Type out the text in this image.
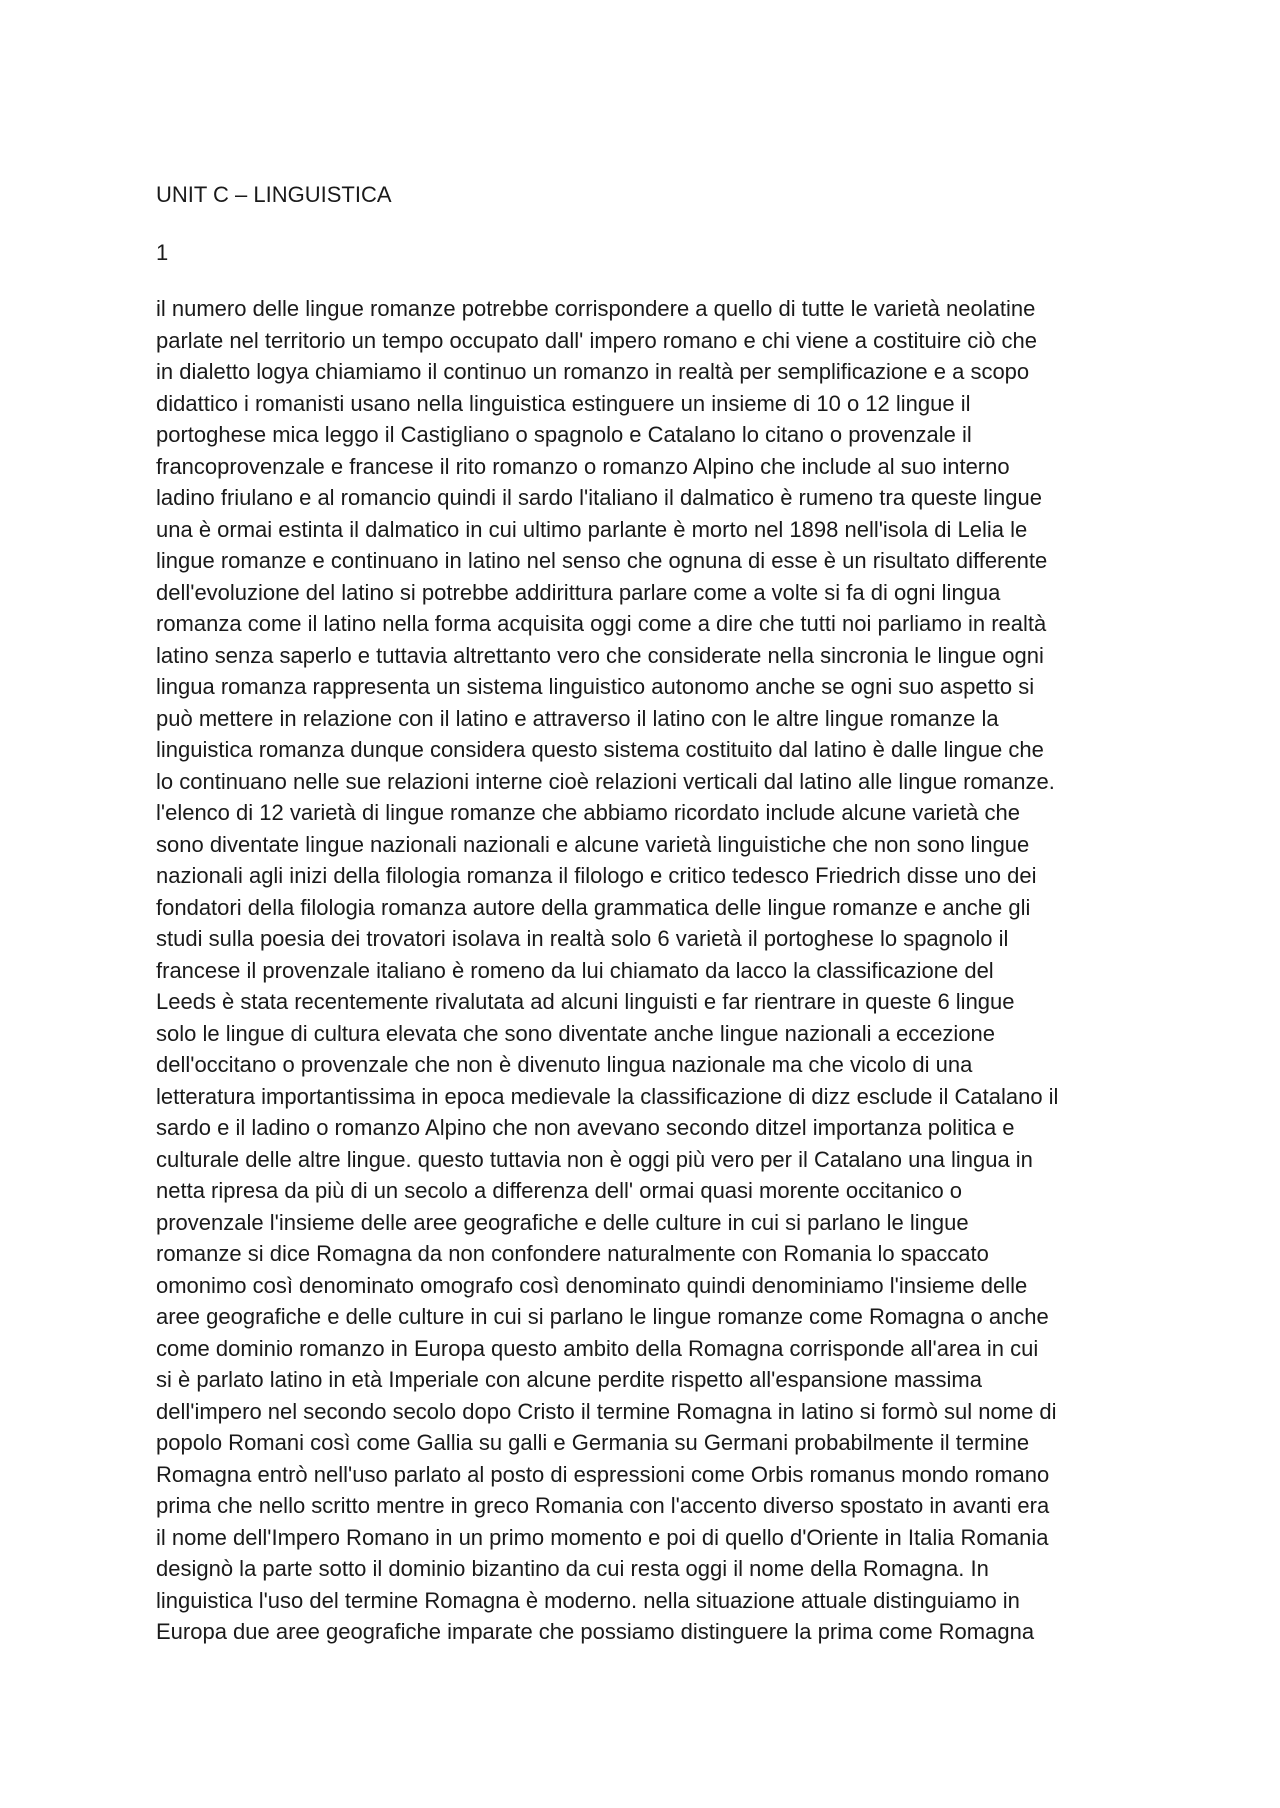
UNIT C – LINGUISTICA

1

il numero delle lingue romanze potrebbe corrispondere a quello di tutte le varietà neolatine
parlate nel territorio un tempo occupato dall' impero romano e chi viene a costituire ciò che
in dialetto logya chiamiamo il continuo un romanzo in realtà per semplificazione e a scopo
didattico i romanisti usano nella linguistica estinguere un insieme di 10 o 12 lingue il
portoghese mica leggo il Castigliano o spagnolo e Catalano lo citano o provenzale il
francoprovenzale e francese il rito romanzo o romanzo Alpino che include al suo interno
ladino friulano e al romancio quindi il sardo l'italiano il dalmatico è rumeno tra queste lingue
una è ormai estinta il dalmatico in cui ultimo parlante è morto nel 1898 nell'isola di Lelia le
lingue romanze e continuano in latino nel senso che ognuna di esse è un risultato differente
dell'evoluzione del latino si potrebbe addirittura parlare come a volte si fa di ogni lingua
romanza come il latino nella forma acquisita oggi come a dire che tutti noi parliamo in realtà
latino senza saperlo e tuttavia altrettanto vero che considerate nella sincronia le lingue ogni
lingua romanza rappresenta un sistema linguistico autonomo anche se ogni suo aspetto si
può mettere in relazione con il latino e attraverso il latino con le altre lingue romanze la
linguistica romanza dunque considera questo sistema costituito dal latino è dalle lingue che
lo continuano nelle sue relazioni interne cioè relazioni verticali dal latino alle lingue romanze.
l'elenco di 12 varietà di lingue romanze che abbiamo ricordato include alcune varietà che
sono diventate lingue nazionali nazionali e alcune varietà linguistiche che non sono lingue
nazionali agli inizi della filologia romanza il filologo e critico tedesco Friedrich disse uno dei
fondatori della filologia romanza autore della grammatica delle lingue romanze e anche gli
studi sulla poesia dei trovatori isolava in realtà solo 6 varietà il portoghese lo spagnolo il
francese il provenzale italiano è romeno da lui chiamato da lacco la classificazione del
Leeds è stata recentemente rivalutata ad alcuni linguisti e far rientrare in queste 6 lingue
solo le lingue di cultura elevata che sono diventate anche lingue nazionali a eccezione
dell'occitano o provenzale che non è divenuto lingua nazionale ma che vicolo di una
letteratura importantissima in epoca medievale la classificazione di dizz esclude il Catalano il
sardo e il ladino o romanzo Alpino che non avevano secondo ditzel importanza politica e
culturale delle altre lingue. questo tuttavia non è oggi più vero per il Catalano una lingua in
netta ripresa da più di un secolo a differenza dell' ormai quasi morente occitanico o
provenzale l'insieme delle aree geografiche e delle culture in cui si parlano le lingue
romanze si dice Romagna da non confondere naturalmente con Romania lo spaccato
omonimo così denominato omografo così denominato quindi denominiamo l'insieme delle
aree geografiche e delle culture in cui si parlano le lingue romanze come Romagna o anche
come dominio romanzo in Europa questo ambito della Romagna corrisponde all'area in cui
si è parlato latino in età Imperiale con alcune perdite rispetto all'espansione massima
dell'impero nel secondo secolo dopo Cristo il termine Romagna in latino si formò sul nome di
popolo Romani così come Gallia su galli e Germania su Germani probabilmente il termine
Romagna entrò nell'uso parlato al posto di espressioni come Orbis romanus mondo romano
prima che nello scritto mentre in greco Romania con l'accento diverso spostato in avanti era
il nome dell'Impero Romano in un primo momento e poi di quello d'Oriente in Italia Romania
designò la parte sotto il dominio bizantino da cui resta oggi il nome della Romagna. In
linguistica l'uso del termine Romagna è moderno. nella situazione attuale distinguiamo in
Europa due aree geografiche imparate che possiamo distinguere la prima come Romagna
